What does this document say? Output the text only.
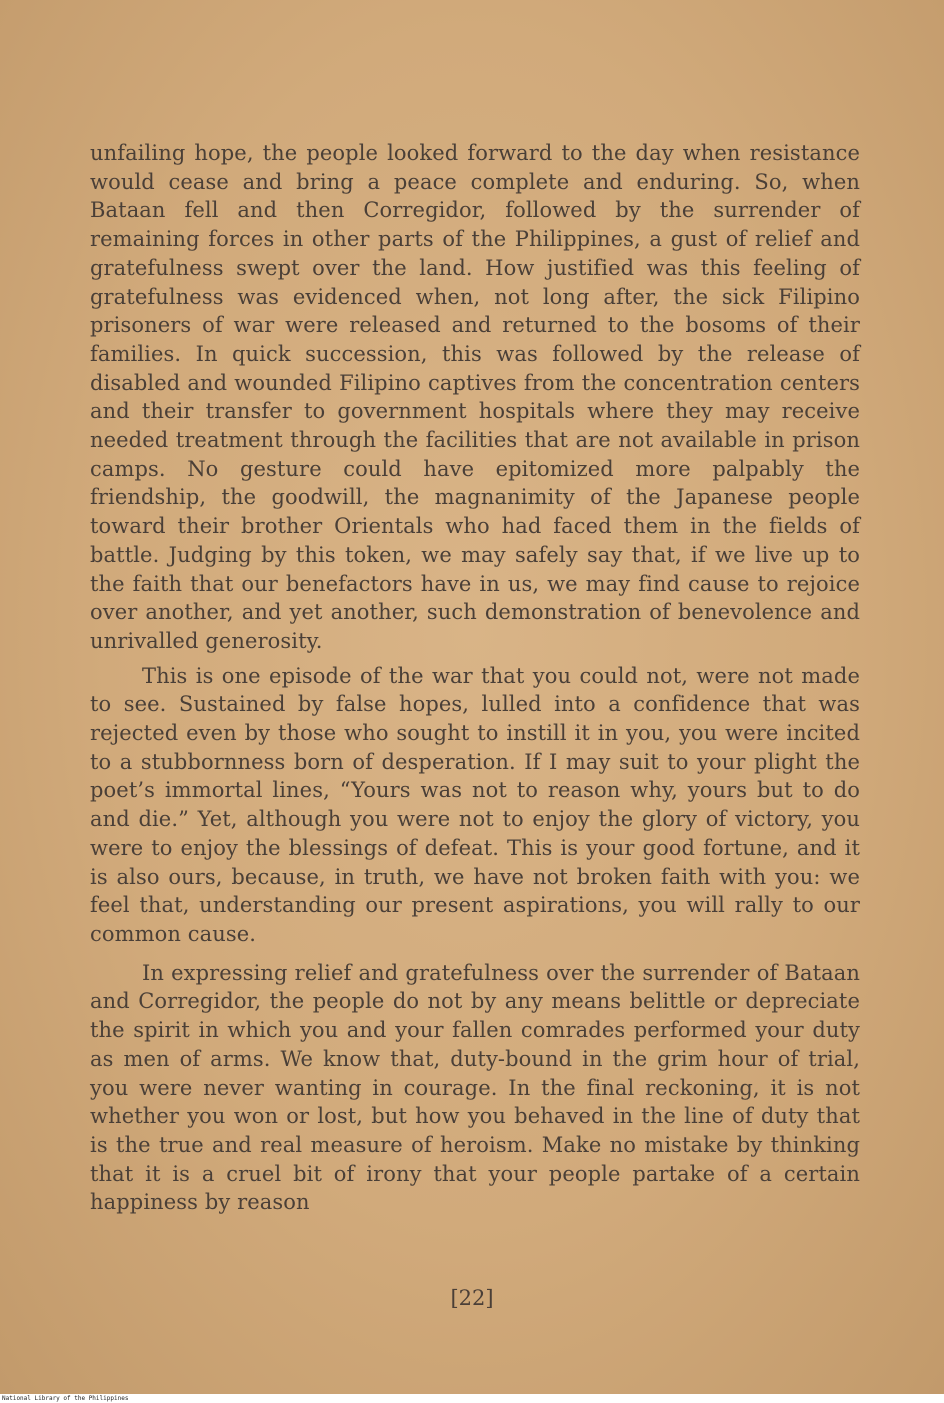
unfailing hope, the people looked forward to the day when resistance would cease and bring a peace complete and enduring. So, when Bataan fell and then Corregidor, followed by the surrender of remaining forces in other parts of the Philippines, a gust of relief and gratefulness swept over the land. How justified was this feeling of gratefulness was evidenced when, not long after, the sick Filipino prisoners of war were released and returned to the bosoms of their families. In quick succession, this was followed by the release of disabled and wounded Filipino captives from the concentration centers and their transfer to government hospitals where they may receive needed treatment through the facilities that are not available in prison camps. No gesture could have epitomized more palpably the friendship, the goodwill, the magnanimity of the Japanese people toward their brother Orientals who had faced them in the fields of battle. Judging by this token, we may safely say that, if we live up to the faith that our benefactors have in us, we may find cause to rejoice over another, and yet another, such demonstration of benevolence and unrivalled generosity.

This is one episode of the war that you could not, were not made to see. Sustained by false hopes, lulled into a confidence that was rejected even by those who sought to instill it in you, you were incited to a stubbornness born of desperation. If I may suit to your plight the poet’s immortal lines, “Yours was not to reason why, yours but to do and die.” Yet, although you were not to enjoy the glory of victory, you were to enjoy the blessings of defeat. This is your good fortune, and it is also ours, because, in truth, we have not broken faith with you: we feel that, understanding our present aspirations, you will rally to our common cause.

In expressing relief and gratefulness over the surrender of Bataan and Corregidor, the people do not by any means belittle or depreciate the spirit in which you and your fallen comrades performed your duty as men of arms. We know that, duty-bound in the grim hour of trial, you were never wanting in courage. In the final reckoning, it is not whether you won or lost, but how you behaved in the line of duty that is the true and real measure of heroism. Make no mistake by thinking that it is a cruel bit of irony that your people partake of a certain happiness by reason

[22]
National Library of the Philippines
